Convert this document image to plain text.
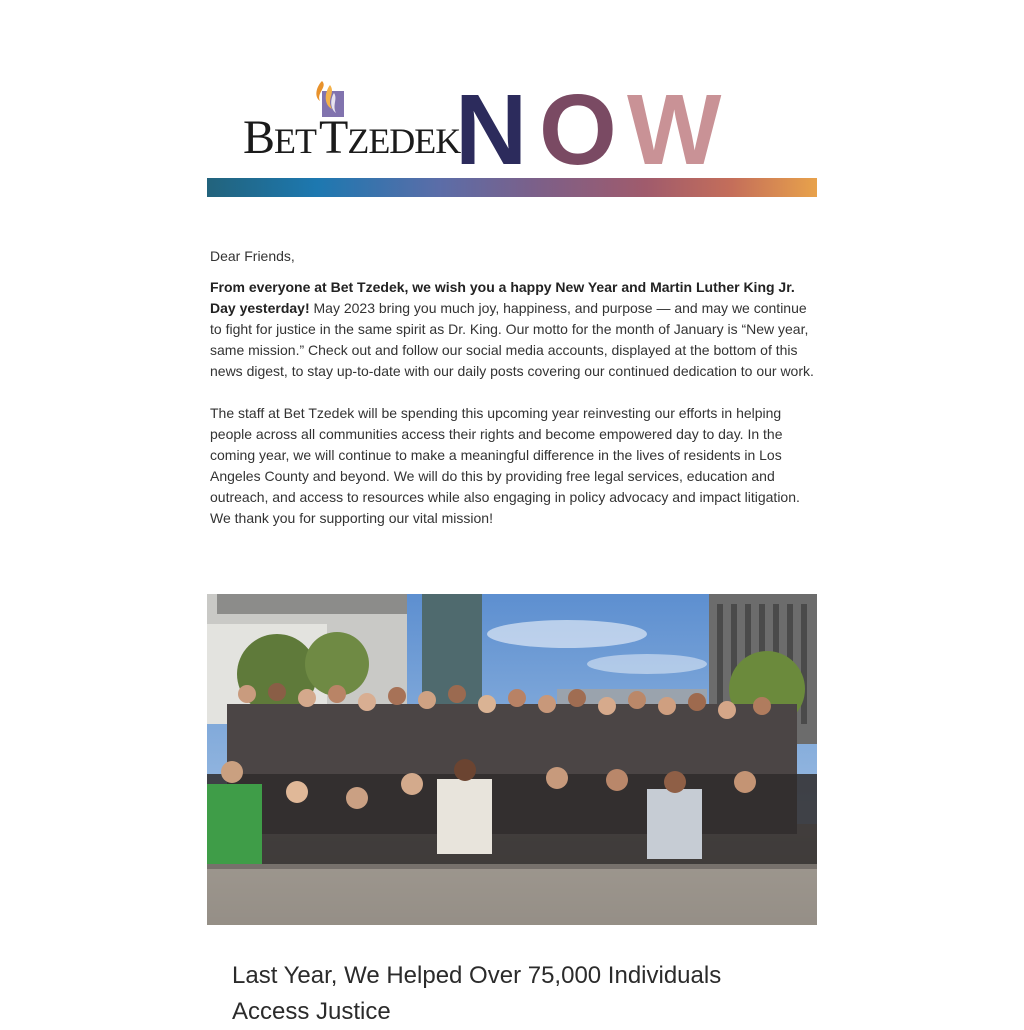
BET TZEDEK
N O W

Dear Friends,

From everyone at Bet Tzedek, we wish you a happy New Year and Martin Luther King Jr. Day yesterday! May 2023 bring you much joy, happiness, and purpose — and may we continue to fight for justice in the same spirit as Dr. King. Our motto for the month of January is “New year, same mission.” Check out and follow our social media accounts, displayed at the bottom of this news digest, to stay up-to-date with our daily posts covering our continued dedication to our work.

The staff at Bet Tzedek will be spending this upcoming year reinvesting our efforts in helping people across all communities access their rights and become empowered day to day. In the coming year, we will continue to make a meaningful difference in the lives of residents in Los Angeles County and beyond. We will do this by providing free legal services, education and outreach, and access to resources while also engaging in policy advocacy and impact litigation. We thank you for supporting our vital mission!

Last Year, We Helped Over 75,000 Individuals Access Justice
